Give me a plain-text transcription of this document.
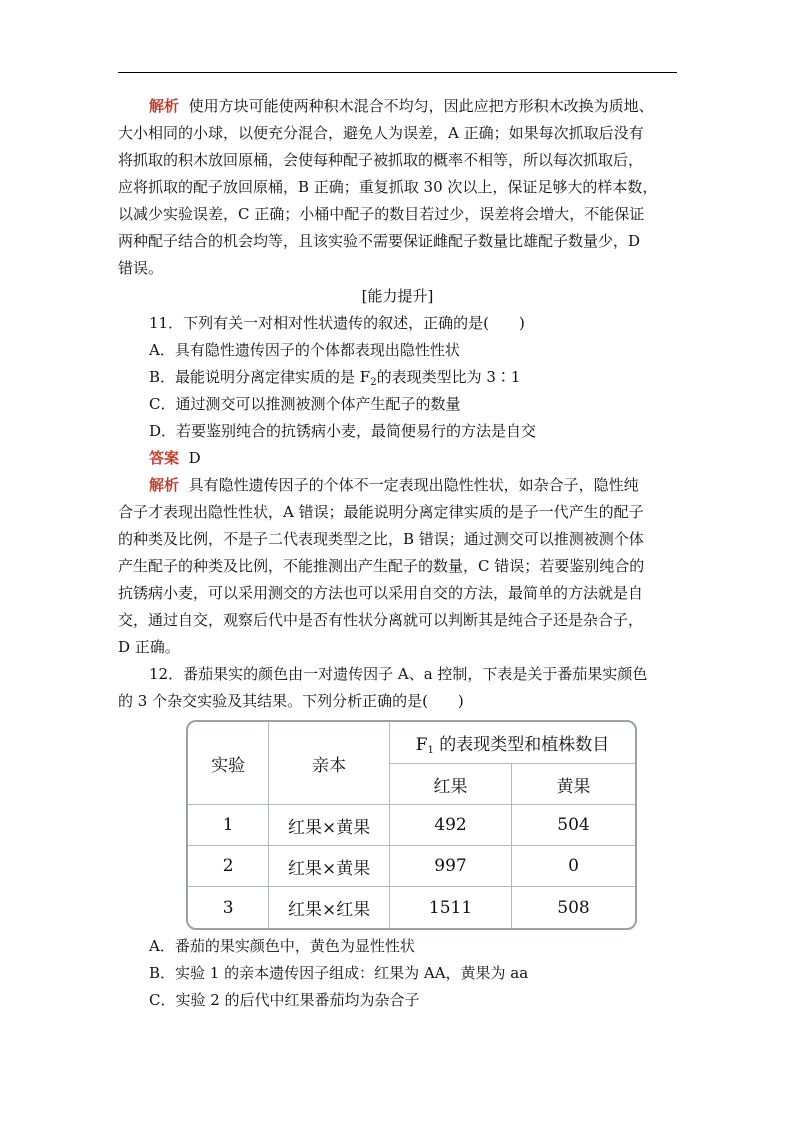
解析 使用方块可能使两种积木混合不均匀，因此应把方形积木改换为质地、
大小相同的小球，以便充分混合，避免人为误差，A 正确；如果每次抓取后没有
将抓取的积木放回原桶，会使每种配子被抓取的概率不相等，所以每次抓取后，
应将抓取的配子放回原桶，B 正确；重复抓取 30 次以上，保证足够大的样本数，
以减少实验误差，C 正确；小桶中配子的数目若过少，误差将会增大，不能保证
两种配子结合的机会均等，且该实验不需要保证雌配子数量比雄配子数量少，D
错误。
[能力提升]
11．下列有关一对相对性状遗传的叙述，正确的是(　　)
A．具有隐性遗传因子的个体都表现出隐性性状
B．最能说明分离定律实质的是 $F_2$的表现类型比为 3∶1
C．通过测交可以推测被测个体产生配子的数量
D．若要鉴别纯合的抗锈病小麦，最简便易行的方法是自交
答案 D
解析 具有隐性遗传因子的个体不一定表现出隐性性状，如杂合子，隐性纯
合子才表现出隐性性状，A 错误；最能说明分离定律实质的是子一代产生的配子
的种类及比例，不是子二代表现类型之比，B 错误；通过测交可以推测被测个体
产生配子的种类及比例，不能推测出产生配子的数量，C 错误；若要鉴别纯合的
抗锈病小麦，可以采用测交的方法也可以采用自交的方法，最简单的方法就是自
交，通过自交，观察后代中是否有性状分离就可以判断其是纯合子还是杂合子，
D 正确。
12．番茄果实的颜色由一对遗传因子 A、a 控制，下表是关于番茄果实颜色
的 3 个杂交实验及其结果。下列分析正确的是(　　)
实验	亲本	$F_1$ 的表现类型和植株数目	
		红果	黄果
1	红果×黄果	492	504
2	红果×黄果	997	0
3	红果×红果	1511	508
A．番茄的果实颜色中，黄色为显性性状
B．实验 1 的亲本遗传因子组成：红果为 AA，黄果为 aa
C．实验 2 的后代中红果番茄均为杂合子
